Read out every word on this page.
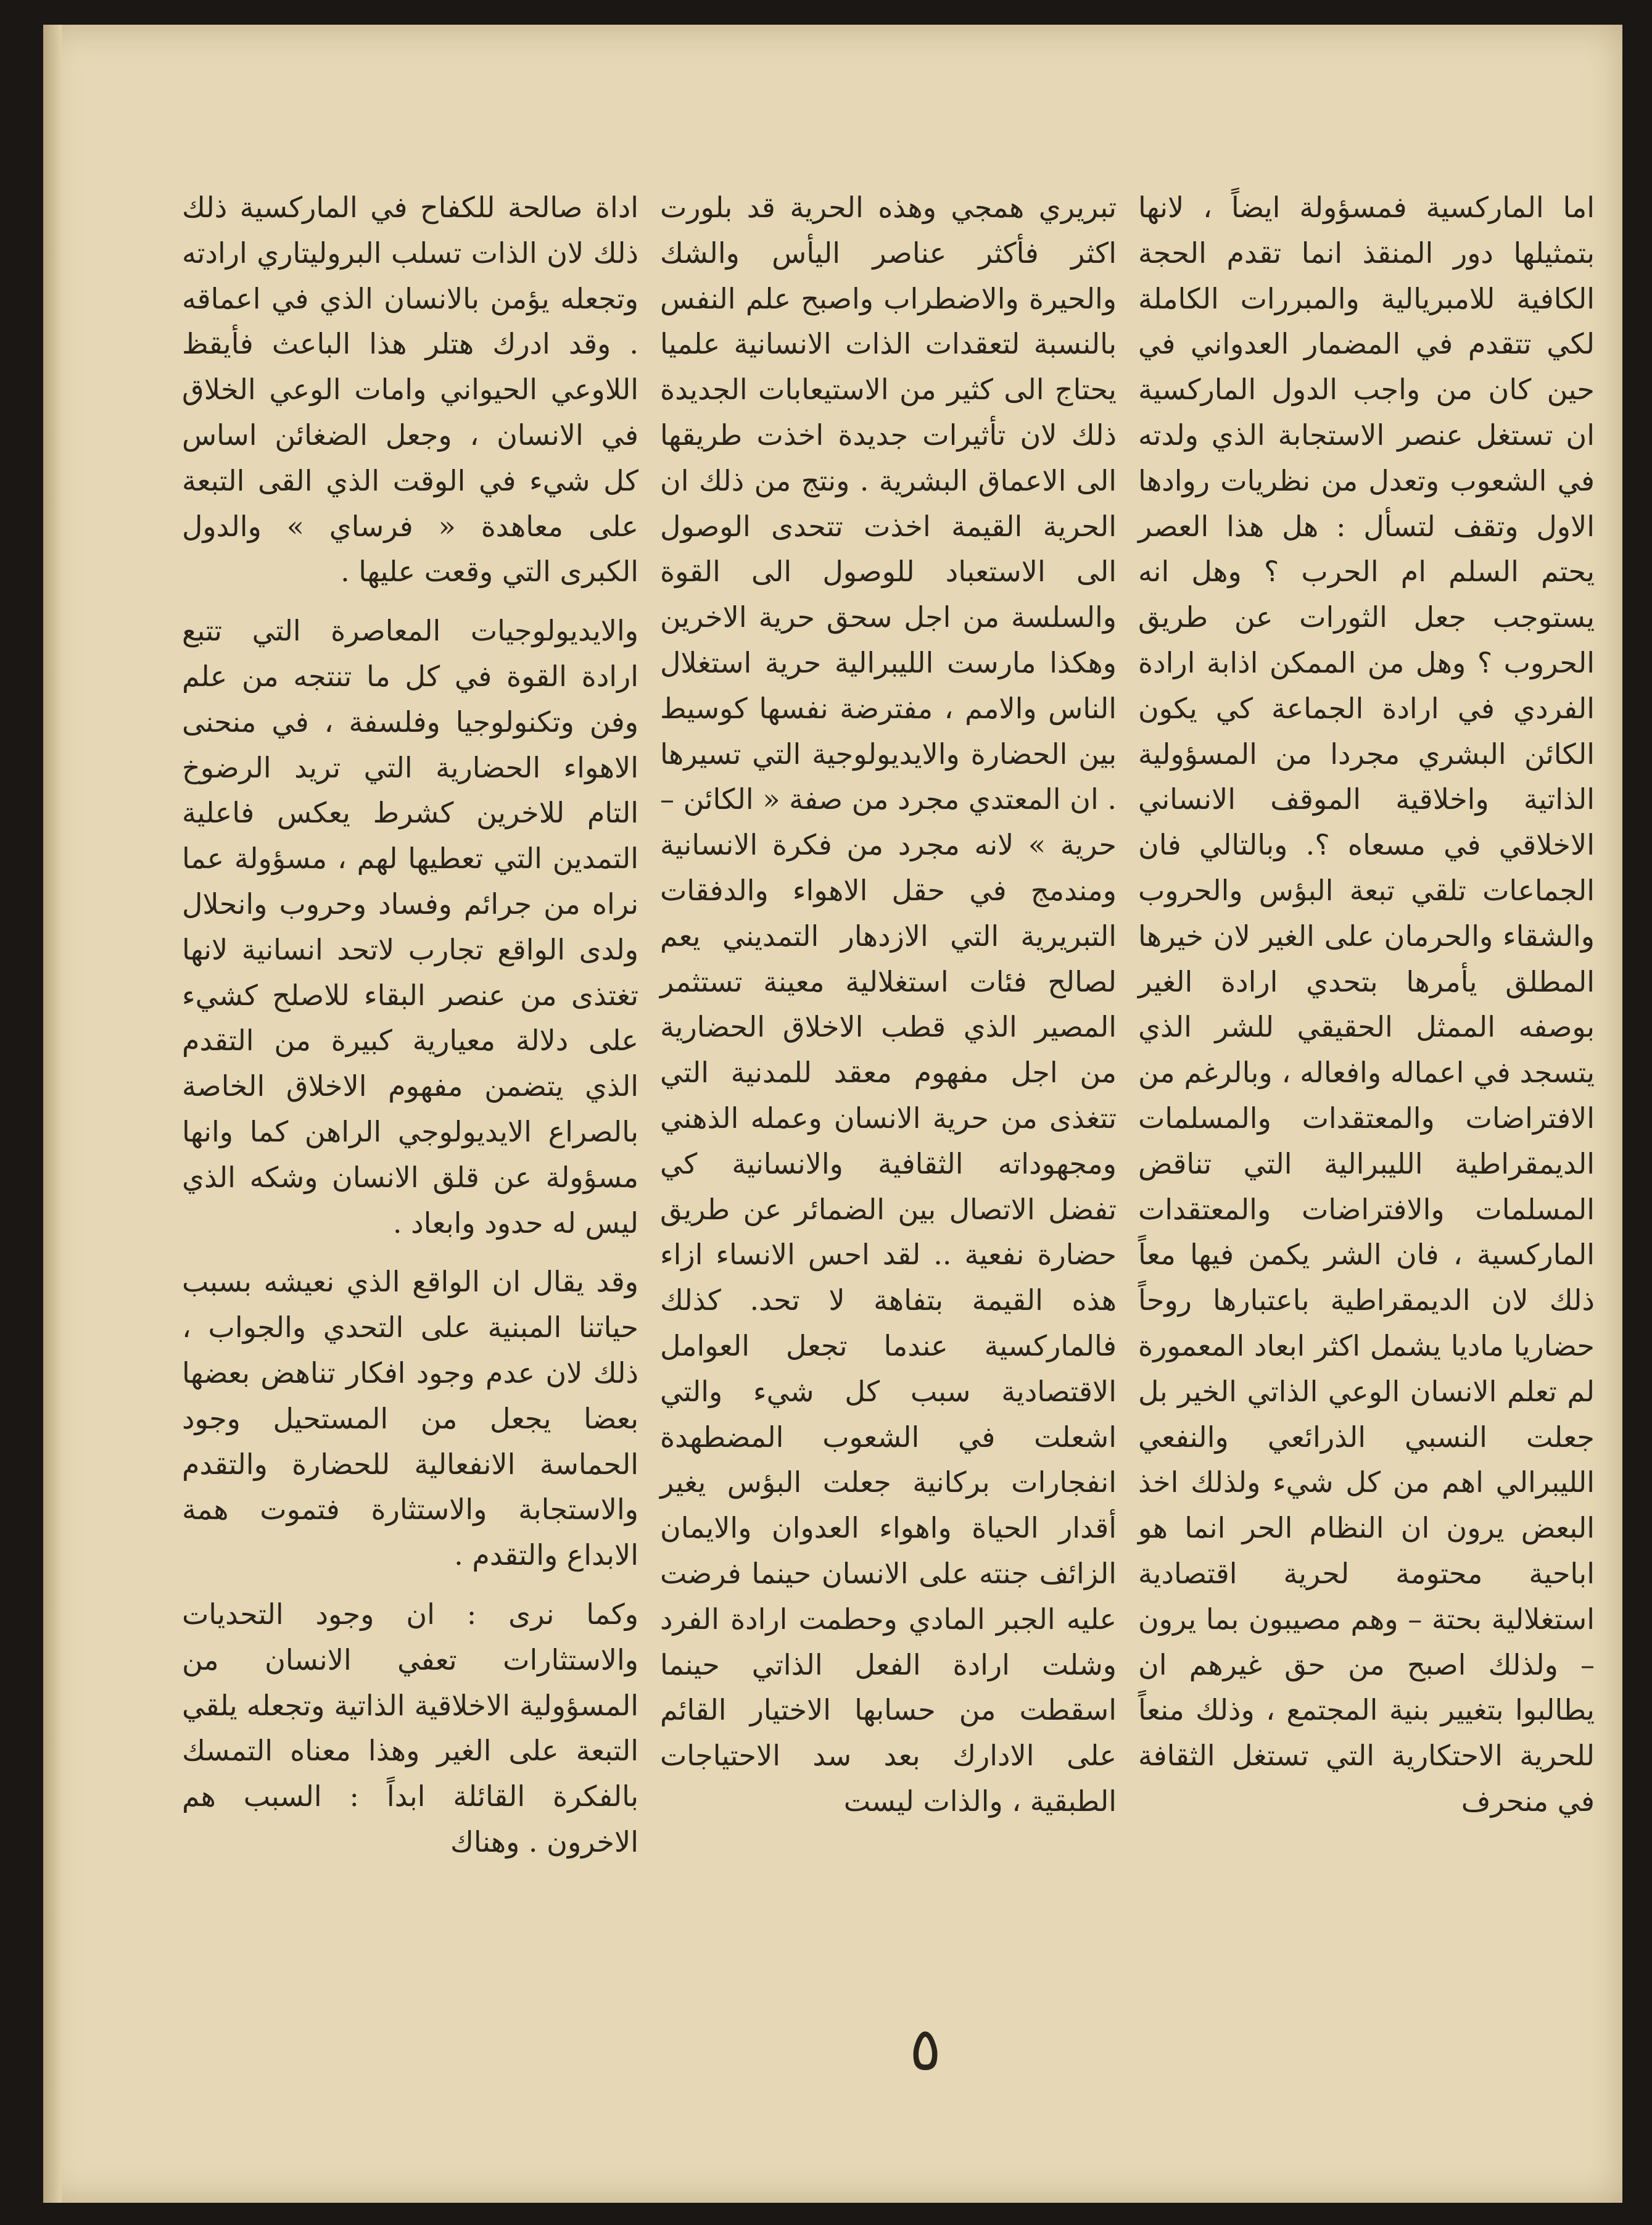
اما الماركسية فمسؤولة ايضاً ، لانها بتمثيلها دور المنقذ انما تقدم الحجة الكافية للامبريالية والمبررات الكاملة لكي تتقدم في المضمار العدواني في حين كان من واجب الدول الماركسية ان تستغل عنصر الاستجابة الذي ولدته في الشعوب وتعدل من نظريات روادها الاول وتقف لتسأل : هل هذا العصر يحتم السلم ام الحرب ؟ وهل انه يستوجب جعل الثورات عن طريق الحروب ؟ وهل من الممكن اذابة ارادة الفردي في ارادة الجماعة كي يكون الكائن البشري مجردا من المسؤولية الذاتية واخلاقية الموقف الانساني الاخلاقي في مسعاه ؟. وبالتالي فان الجماعات تلقي تبعة البؤس والحروب والشقاء والحرمان على الغير لان خيرها المطلق يأمرها بتحدي ارادة الغير بوصفه الممثل الحقيقي للشر الذي يتسجد في اعماله وافعاله ، وبالرغم من الافتراضات والمعتقدات والمسلمات الديمقراطية الليبرالية التي تناقض المسلمات والافتراضات والمعتقدات الماركسية ، فان الشر يكمن فيها معاً ذلك لان الديمقراطية باعتبارها روحاً حضاريا ماديا يشمل اكثر ابعاد المعمورة لم تعلم الانسان الوعي الذاتي الخير بل جعلت النسبي الذرائعي والنفعي الليبرالي اهم من كل شيء ولذلك اخذ البعض يرون ان النظام الحر انما هو اباحية محتومة لحرية اقتصادية استغلالية بحتة – وهم مصيبون بما يرون – ولذلك اصبح من حق غيرهم ان يطالبوا بتغيير بنية المجتمع ، وذلك منعاً للحرية الاحتكارية التي تستغل الثقافة في منحرف

تبريري همجي وهذه الحرية قد بلورت اكثر فأكثر عناصر اليأس والشك والحيرة والاضطراب واصبح علم النفس بالنسبة لتعقدات الذات الانسانية علميا يحتاج الى كثير من الاستيعابات الجديدة ذلك لان تأثيرات جديدة اخذت طريقها الى الاعماق البشرية . ونتج من ذلك ان الحرية القيمة اخذت تتحدى الوصول الى الاستعباد للوصول الى القوة والسلسة من اجل سحق حرية الاخرين وهكذا مارست الليبرالية حرية استغلال الناس والامم ، مفترضة نفسها كوسيط بين الحضارة والايديولوجية التي تسيرها . ان المعتدي مجرد من صفة « الكائن – حرية » لانه مجرد من فكرة الانسانية ومندمج في حقل الاهواء والدفقات التبريرية التي الازدهار التمديني يعم لصالح فئات استغلالية معينة تستثمر المصير الذي قطب الاخلاق الحضارية من اجل مفهوم معقد للمدنية التي تتغذى من حرية الانسان وعمله الذهني ومجهوداته الثقافية والانسانية كي تفضل الاتصال بين الضمائر عن طريق حضارة نفعية .. لقد احس الانساء ازاء هذه القيمة بتفاهة لا تحد. كذلك فالماركسية عندما تجعل العوامل الاقتصادية سبب كل شيء والتي اشعلت في الشعوب المضطهدة انفجارات بركانية جعلت البؤس يغير أقدار الحياة واهواء العدوان والايمان الزائف جنته على الانسان حينما فرضت عليه الجبر المادي وحطمت ارادة الفرد وشلت ارادة الفعل الذاتي حينما اسقطت من حسابها الاختيار القائم على الادارك بعد سد الاحتياجات الطبقية ، والذات ليست

اداة صالحة للكفاح في الماركسية ذلك ذلك لان الذات تسلب البروليتاري ارادته وتجعله يؤمن بالانسان الذي في اعماقه . وقد ادرك هتلر هذا الباعث فأيقظ اللاوعي الحيواني وامات الوعي الخلاق في الانسان ، وجعل الضغائن اساس كل شيء في الوقت الذي القى التبعة على معاهدة « فرساي » والدول الكبرى التي وقعت عليها .

والايديولوجيات المعاصرة التي تتبع ارادة القوة في كل ما تنتجه من علم وفن وتكنولوجيا وفلسفة ، في منحنى الاهواء الحضارية التي تريد الرضوخ التام للاخرين كشرط يعكس فاعلية التمدين التي تعطيها لهم ، مسؤولة عما نراه من جرائم وفساد وحروب وانحلال ولدى الواقع تجارب لاتحد انسانية لانها تغتذى من عنصر البقاء للاصلح كشيء على دلالة معيارية كبيرة من التقدم الذي يتضمن مفهوم الاخلاق الخاصة بالصراع الايديولوجي الراهن كما وانها مسؤولة عن قلق الانسان وشكه الذي ليس له حدود وابعاد .

وقد يقال ان الواقع الذي نعيشه بسبب حياتنا المبنية على التحدي والجواب ، ذلك لان عدم وجود افكار تناهض بعضها بعضا يجعل من المستحيل وجود الحماسة الانفعالية للحضارة والتقدم والاستجابة والاستثارة فتموت همة الابداع والتقدم .

وكما نرى : ان وجود التحديات والاستثارات تعفي الانسان من المسؤولية الاخلاقية الذاتية وتجعله يلقي التبعة على الغير وهذا معناه التمسك بالفكرة القائلة ابداً : السبب هم الاخرون . وهناك

٥
